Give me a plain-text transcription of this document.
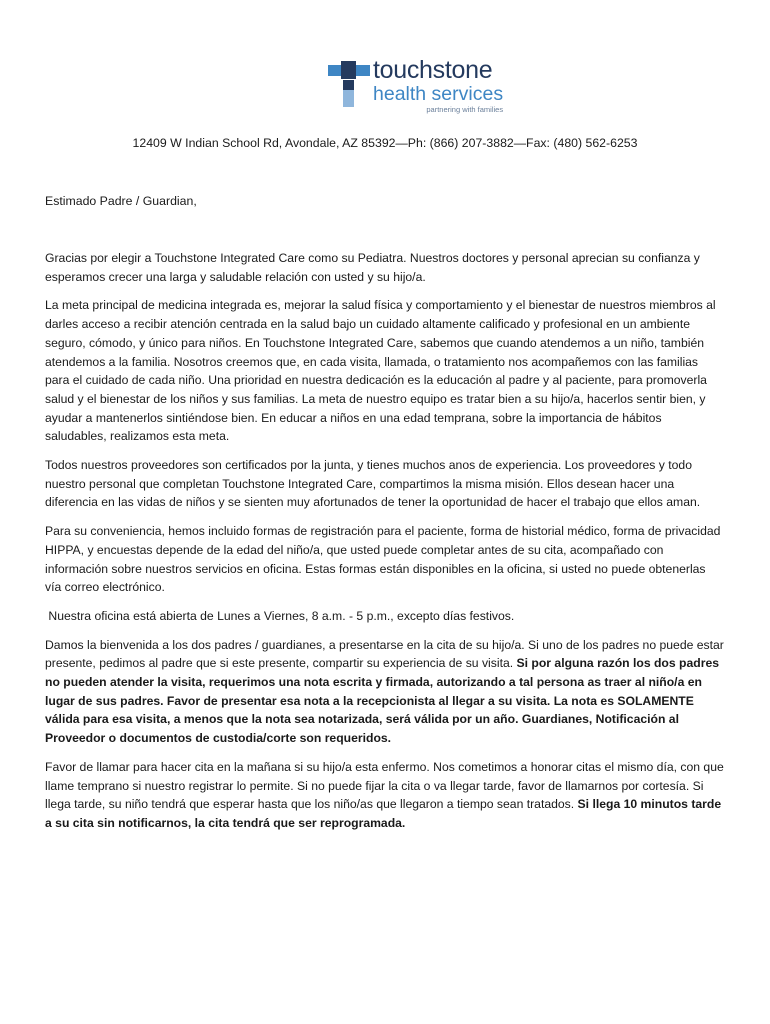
touchstone
health services
partnering with families
12409 W Indian School Rd, Avondale, AZ 85392—Ph: (866) 207-3882—Fax: (480) 562-6253
Estimado Padre / Guardian,

Gracias por elegir a Touchstone Integrated Care como su Pediatra. Nuestros doctores y personal aprecian su confianza y esperamos crecer una larga y saludable relación con usted y su hijo/a.

La meta principal de medicina integrada es, mejorar la salud física y comportamiento y el bienestar de nuestros miembros al darles acceso a recibir atención centrada en la salud bajo un cuidado altamente calificado y profesional en un ambiente seguro, cómodo, y único para niños. En Touchstone Integrated Care, sabemos que cuando atendemos a un niño, también atendemos a la familia. Nosotros creemos que, en cada visita, llamada, o tratamiento nos acompañemos con las familias para el cuidado de cada niño. Una prioridad en nuestra dedicación es la educación al padre y al paciente, para promoverla salud y el bienestar de los niños y sus familias. La meta de nuestro equipo es tratar bien a su hijo/a, hacerlos sentir bien, y ayudar a mantenerlos sintiéndose bien. En educar a niños en una edad temprana, sobre la importancia de hábitos saludables, realizamos esta meta.

Todos nuestros proveedores son certificados por la junta, y tienes muchos anos de experiencia. Los proveedores y todo nuestro personal que completan Touchstone Integrated Care, compartimos la misma misión. Ellos desean hacer una diferencia en las vidas de niños y se sienten muy afortunados de tener la oportunidad de hacer el trabajo que ellos aman.

Para su conveniencia, hemos incluido formas de registración para el paciente, forma de historial médico, forma de privacidad HIPPA, y encuestas depende de la edad del niño/a, que usted puede completar antes de su cita, acompañado con información sobre nuestros servicios en oficina. Estas formas están disponibles en la oficina, si usted no puede obtenerlas vía correo electrónico.

Nuestra oficina está abierta de Lunes a Viernes, 8 a.m. - 5 p.m., excepto días festivos.

Damos la bienvenida a los dos padres / guardianes, a presentarse en la cita de su hijo/a. Si uno de los padres no puede estar presente, pedimos al padre que si este presente, compartir su experiencia de su visita. Si por alguna razón los dos padres no pueden atender la visita, requerimos una nota escrita y firmada, autorizando a tal persona as traer al niño/a en lugar de sus padres. Favor de presentar esa nota a la recepcionista al llegar a su visita. La nota es SOLAMENTE válida para esa visita, a menos que la nota sea notarizada, será válida por un año. Guardianes, Notificación al Proveedor o documentos de custodia/corte son requeridos.

Favor de llamar para hacer cita en la mañana si su hijo/a esta enfermo. Nos cometimos a honorar citas el mismo día, con que llame temprano si nuestro registrar lo permite. Si no puede fijar la cita o va llegar tarde, favor de llamarnos por cortesía. Si llega tarde, su niño tendrá que esperar hasta que los niño/as que llegaron a tiempo sean tratados. Si llega 10 minutos tarde a su cita sin notificarnos, la cita tendrá que ser reprogramada.
